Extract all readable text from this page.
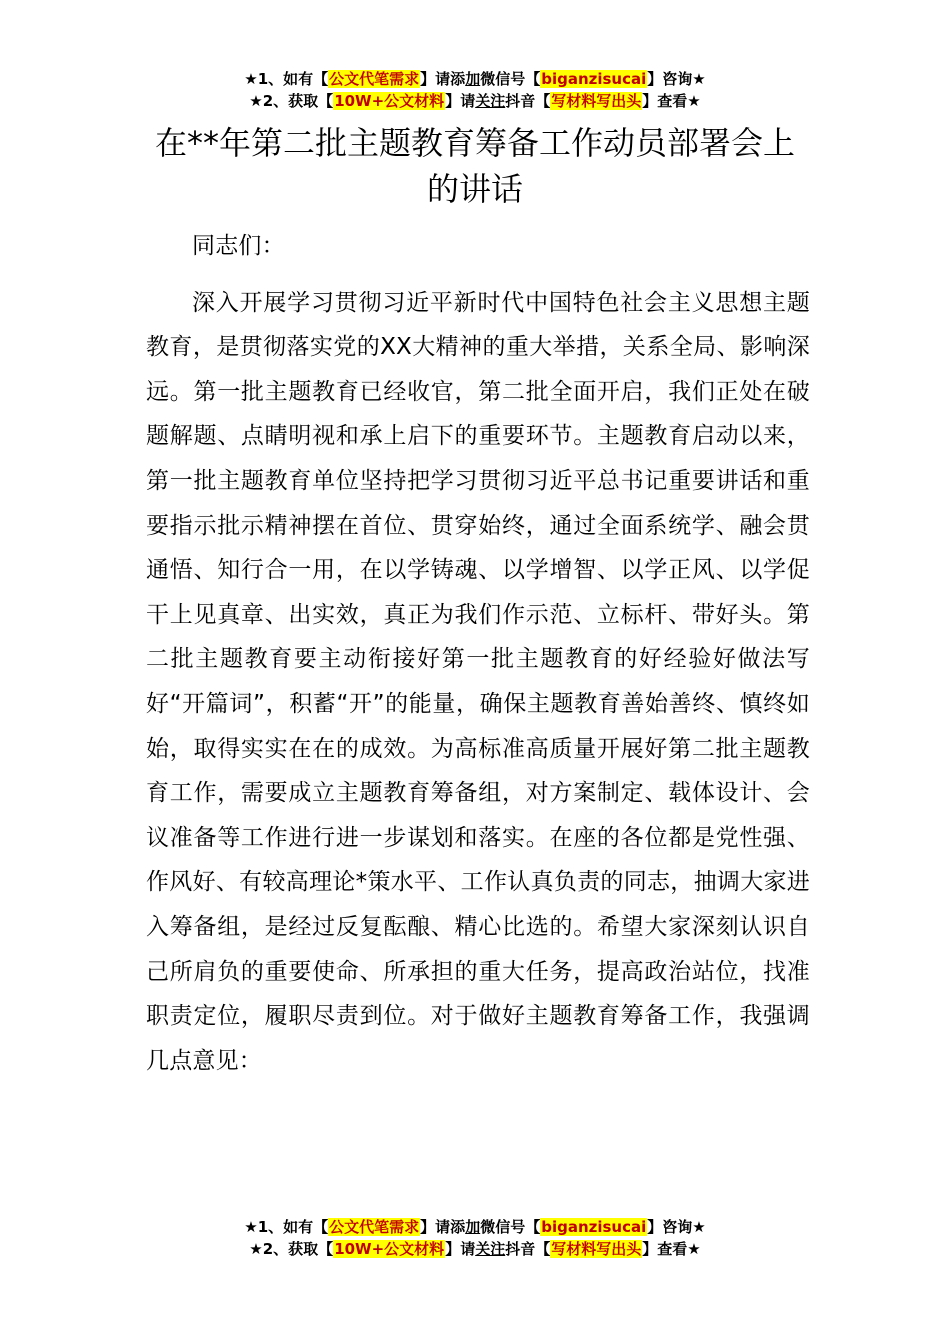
★1、如有【公文代笔需求】请添加微信号【biganzisucai】咨询★
★2、获取【10W+公文材料】请关注抖音【写材料写出头】查看★
在**年第二批主题教育筹备工作动员部署会上的讲话

同志们：

深入开展学习贯彻习近平新时代中国特色社会主义思想主题教育，是贯彻落实党的XX大精神的重大举措，关系全局、影响深远。第一批主题教育已经收官，第二批全面开启，我们正处在破题解题、点睛明视和承上启下的重要环节。主题教育启动以来，第一批主题教育单位坚持把学习贯彻习近平总书记重要讲话和重要指示批示精神摆在首位、贯穿始终，通过全面系统学、融会贯通悟、知行合一用，在以学铸魂、以学增智、以学正风、以学促干上见真章、出实效，真正为我们作示范、立标杆、带好头。第二批主题教育要主动衔接好第一批主题教育的好经验好做法写好“开篇词”，积蓄“开”的能量，确保主题教育善始善终、慎终如始，取得实实在在的成效。为高标准高质量开展好第二批主题教育工作，需要成立主题教育筹备组，对方案制定、载体设计、会议准备等工作进行进一步谋划和落实。在座的各位都是党性强、作风好、有较高理论*策水平、工作认真负责的同志，抽调大家进入筹备组，是经过反复酝酿、精心比选的。希望大家深刻认识自己所肩负的重要使命、所承担的重大任务，提高政治站位，找准职责定位，履职尽责到位。对于做好主题教育筹备工作，我强调几点意见：

★1、如有【公文代笔需求】请添加微信号【biganzisucai】咨询★
★2、获取【10W+公文材料】请关注抖音【写材料写出头】查看★
